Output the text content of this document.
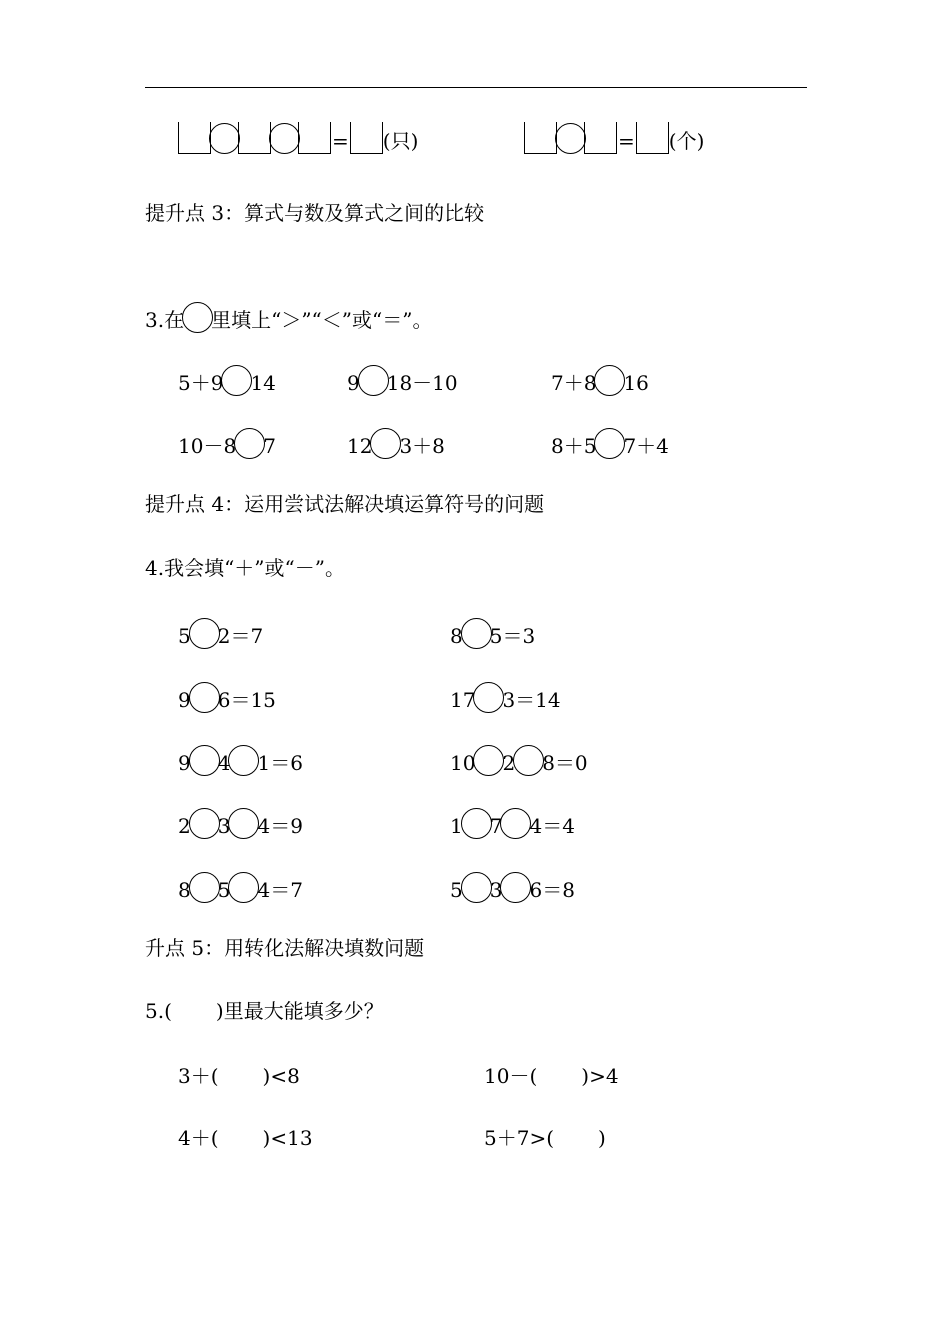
= (只)	= (个)
提升点 3：算式与数及算式之间的比较
3.在 里填上“＞”“＜”或“＝”。
5＋9 14	9 18－10	7＋8 16
10－8 7	12 3＋8	8＋5 7＋4
提升点 4：运用尝试法解决填运算符号的问题
4.我会填“＋”或“－”。
5 2＝7	8 5＝3
9 6＝15	17 3＝14
9 4 1＝6	10 2 8＝0
2 3 4＝9	1 7 4＝4
8 5 4＝7	5 3 6＝8
升点 5：用转化法解决填数问题
5.( )里最大能填多少？
3＋( )<8	10－( )>4
4＋( )<13	5＋7>( )
